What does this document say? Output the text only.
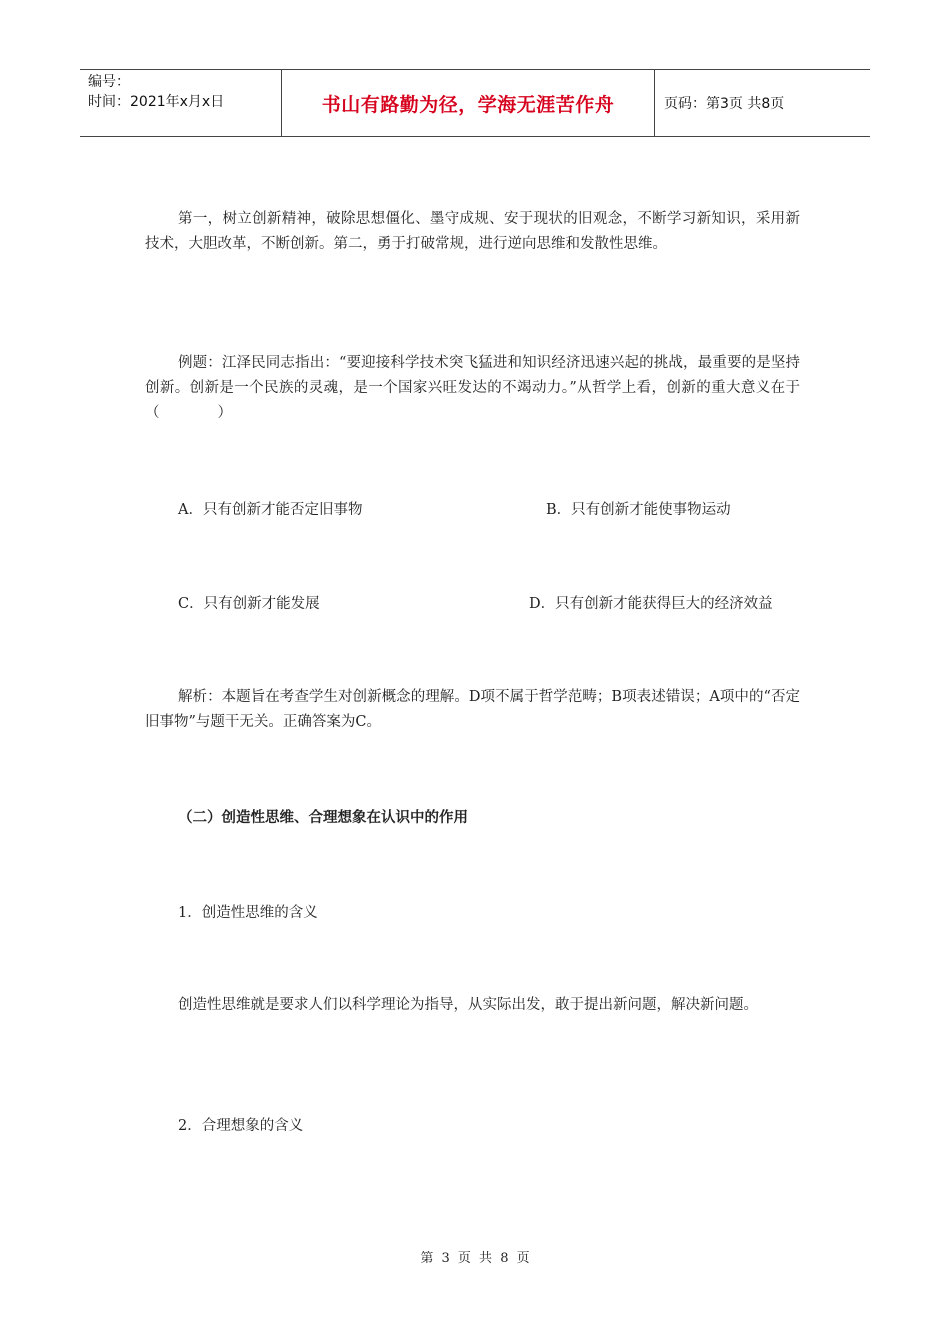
编号：
时间：2021年x月x日	书山有路勤为径，学海无涯苦作舟	页码：第3页 共8页
第一，树立创新精神，破除思想僵化、墨守成规、安于现状的旧观念，不断学习新知识，采用新技术，大胆改革，不断创新。第二，勇于打破常规，进行逆向思维和发散性思维。
例题：江泽民同志指出：“要迎接科学技术突飞猛进和知识经济迅速兴起的挑战，最重要的是坚持创新。创新是一个民族的灵魂，是一个国家兴旺发达的不竭动力。”从哲学上看，创新的重大意义在于（　　　　）
A．只有创新才能否定旧事物	B．只有创新才能使事物运动
C．只有创新才能发展	D．只有创新才能获得巨大的经济效益
解析：本题旨在考查学生对创新概念的理解。D项不属于哲学范畴；B项表述错误；A项中的“否定旧事物”与题干无关。正确答案为C。
（二）创造性思维、合理想象在认识中的作用
1．创造性思维的含义
创造性思维就是要求人们以科学理论为指导，从实际出发，敢于提出新问题，解决新问题。
2．合理想象的含义
第 3 页 共 8 页
